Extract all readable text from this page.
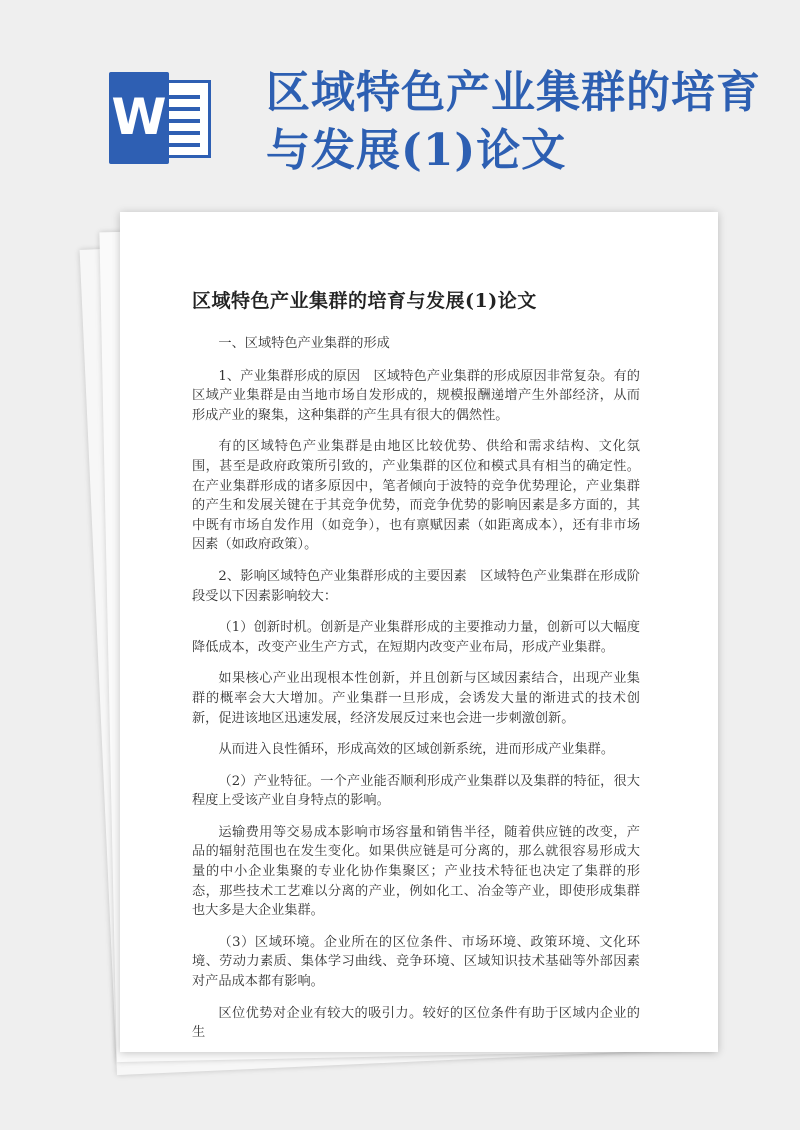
W 区域特色产业集群的培育与发展(1)论文
区域特色产业集群的培育与发展(1)论文

一、区域特色产业集群的形成

1、产业集群形成的原因　区域特色产业集群的形成原因非常复杂。有的区域产业集群是由当地市场自发形成的，规模报酬递增产生外部经济，从而形成产业的聚集，这种集群的产生具有很大的偶然性。

有的区域特色产业集群是由地区比较优势、供给和需求结构、文化氛围，甚至是政府政策所引致的，产业集群的区位和模式具有相当的确定性。在产业集群形成的诸多原因中，笔者倾向于波特的竞争优势理论，产业集群的产生和发展关键在于其竞争优势，而竞争优势的影响因素是多方面的，其中既有市场自发作用（如竞争），也有禀赋因素（如距离成本），还有非市场因素（如政府政策）。

2、影响区域特色产业集群形成的主要因素　区域特色产业集群在形成阶段受以下因素影响较大：

（1）创新时机。创新是产业集群形成的主要推动力量，创新可以大幅度降低成本，改变产业生产方式，在短期内改变产业布局，形成产业集群。

如果核心产业出现根本性创新，并且创新与区域因素结合，出现产业集群的概率会大大增加。产业集群一旦形成，会诱发大量的渐进式的技术创新，促进该地区迅速发展，经济发展反过来也会进一步刺激创新。

从而进入良性循环，形成高效的区域创新系统，进而形成产业集群。

（2）产业特征。一个产业能否顺利形成产业集群以及集群的特征，很大程度上受该产业自身特点的影响。

运输费用等交易成本影响市场容量和销售半径，随着供应链的改变，产品的辐射范围也在发生变化。如果供应链是可分离的，那么就很容易形成大量的中小企业集聚的专业化协作集聚区；产业技术特征也决定了集群的形态，那些技术工艺难以分离的产业，例如化工、冶金等产业，即使形成集群也大多是大企业集群。

（3）区域环境。企业所在的区位条件、市场环境、政策环境、文化环境、劳动力素质、集体学习曲线、竞争环境、区域知识技术基础等外部因素对产品成本都有影响。

区位优势对企业有较大的吸引力。较好的区位条件有助于区域内企业的生
